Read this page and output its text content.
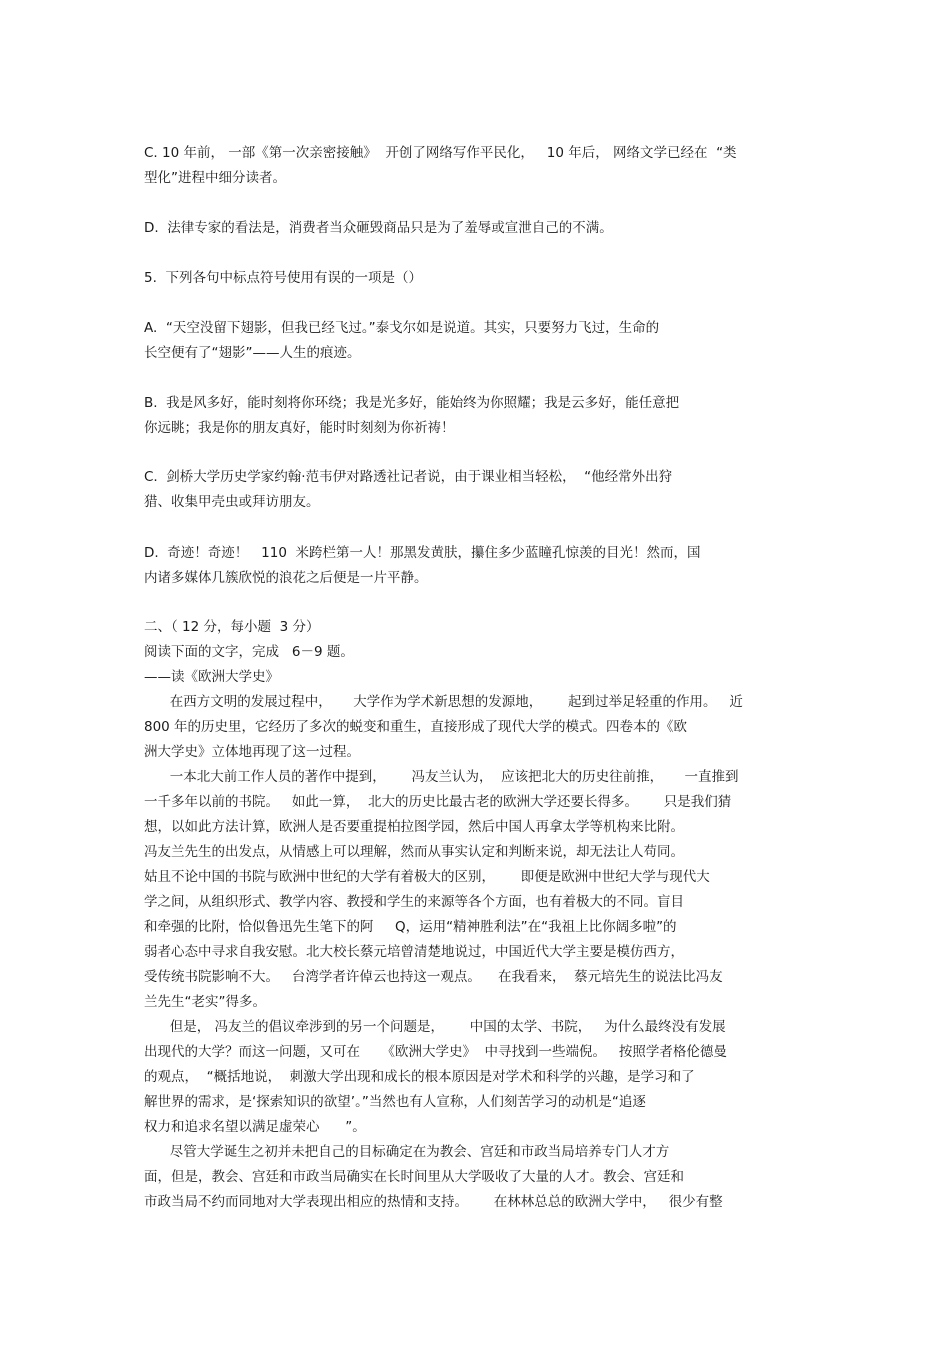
C. 10 年前， 一部《第一次亲密接触》  开创了网络写作平民化，   10 年后， 网络文学已经在  “类
型化”进程中细分读者。
D.  法律专家的看法是，消费者当众砸毁商品只是为了羞辱或宣泄自己的不满。
5.  下列各句中标点符号使用有误的一项是（）
A.  “天空没留下翅影，但我已经飞过。”泰戈尔如是说道。其实，只要努力飞过，生命的
长空便有了“翅影”——人生的痕迹。
B.  我是风多好，能时刻将你环绕；我是光多好，能始终为你照耀；我是云多好，能任意把
你远眺；我是你的朋友真好，能时时刻刻为你祈祷！
C.  剑桥大学历史学家约翰·范韦伊对路透社记者说，由于课业相当轻松，  “他经常外出狩
猎、收集甲壳虫或拜访朋友。
D.  奇迹！奇迹！   110  米跨栏第一人！那黑发黄肤，攥住多少蓝瞳孔惊羡的目光！然而，国
内诸多媒体几簇欣悦的浪花之后便是一片平静。
二、（ 12 分，每小题  3 分）
阅读下面的文字，完成   6－9 题。
——读《欧洲大学史》
在西方文明的发展过程中，     大学作为学术新思想的发源地，      起到过举足轻重的作用。   近
800 年的历史里，它经历了多次的蜕变和重生，直接形成了现代大学的模式。四卷本的《欧
洲大学史》立体地再现了这一过程。
一本北大前工作人员的著作中提到，      冯友兰认为，  应该把北大的历史往前推，     一直推到
一千多年以前的书院。   如此一算，  北大的历史比最古老的欧洲大学还要长得多。      只是我们猜
想，以如此方法计算，欧洲人是否要重提柏拉图学园，然后中国人再拿太学等机构来比附。
冯友兰先生的出发点，从情感上可以理解，然而从事实认定和判断来说，却无法让人苟同。
姑且不论中国的书院与欧洲中世纪的大学有着极大的区别，      即便是欧洲中世纪大学与现代大
学之间，从组织形式、教学内容、教授和学生的来源等各个方面，也有着极大的不同。盲目
和牵强的比附，恰似鲁迅先生笔下的阿     Q，运用“精神胜利法”在“我祖上比你阔多啦”的
弱者心态中寻求自我安慰。北大校长蔡元培曾清楚地说过，中国近代大学主要是模仿西方，
受传统书院影响不大。   台湾学者许倬云也持这一观点。    在我看来，  蔡元培先生的说法比冯友
兰先生“老实”得多。
但是， 冯友兰的倡议牵涉到的另一个问题是，      中国的太学、书院，   为什么最终没有发展
出现代的大学？而这一问题，又可在     《欧洲大学史》  中寻找到一些端倪。   按照学者格伦德曼
的观点，  “概括地说，  刺激大学出现和成长的根本原因是对学术和科学的兴趣，是学习和了
解世界的需求，是‘探索知识的欲望’。”当然也有人宣称，人们刻苦学习的动机是“追逐
权力和追求名望以满足虚荣心      ”。
尽管大学诞生之初并未把自己的目标确定在为教会、宫廷和市政当局培养专门人才方
面，但是，教会、宫廷和市政当局确实在长时间里从大学吸收了大量的人才。教会、宫廷和
市政当局不约而同地对大学表现出相应的热情和支持。      在林林总总的欧洲大学中，   很少有整
